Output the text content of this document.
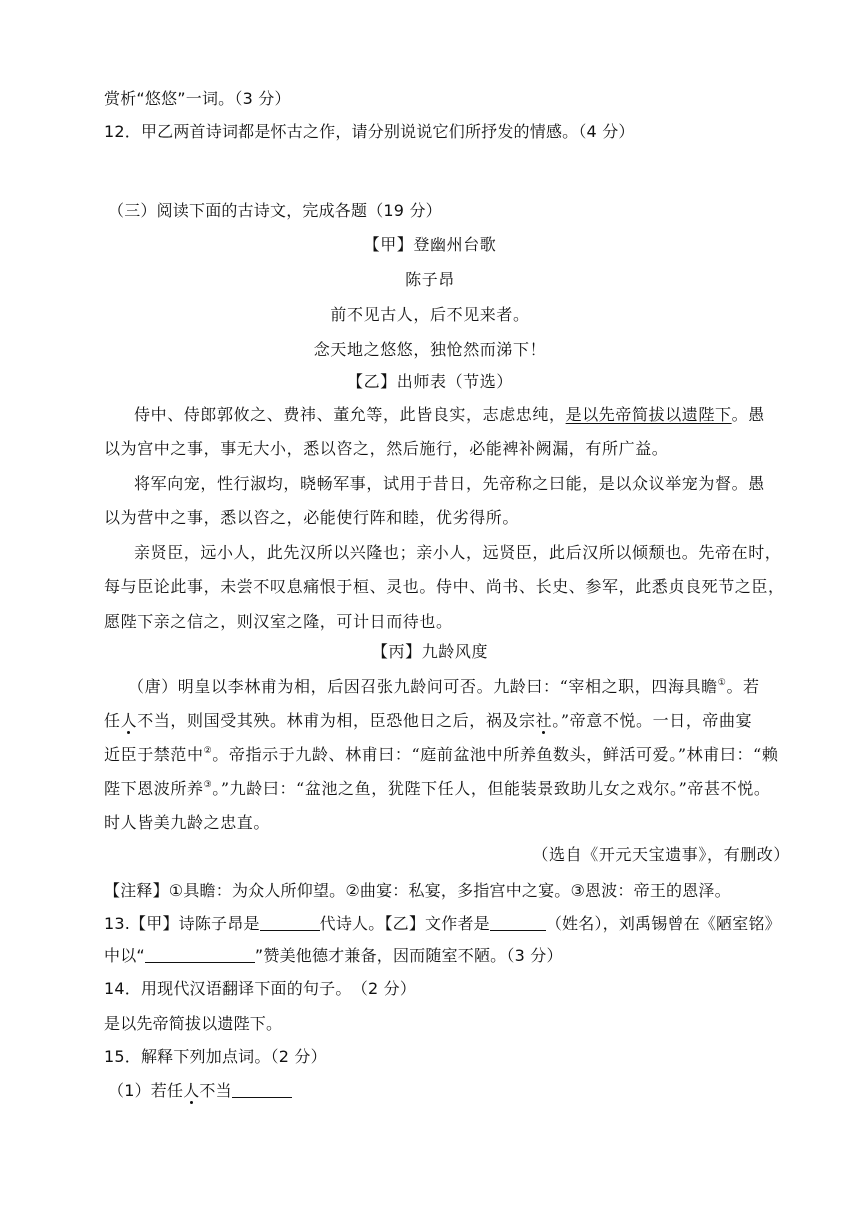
赏析“悠悠”一词。（3 分）
12．甲乙两首诗词都是怀古之作，请分别说说它们所抒发的情感。（4 分）
（三）阅读下面的古诗文，完成各题（19 分）
【甲】登幽州台歌
陈子昂
前不见古人，后不见来者。
念天地之悠悠，独怆然而涕下！
【乙】出师表（节选）
侍中、侍郎郭攸之、费祎、董允等，此皆良实，志虑忠纯，是以先帝简拔以遗陛下。愚
以为宫中之事，事无大小，悉以咨之，然后施行，必能裨补阙漏，有所广益。
将军向宠，性行淑均，晓畅军事，试用于昔日，先帝称之曰能，是以众议举宠为督。愚
以为营中之事，悉以咨之，必能使行阵和睦，优劣得所。
亲贤臣，远小人，此先汉所以兴隆也；亲小人，远贤臣，此后汉所以倾颓也。先帝在时，
每与臣论此事，未尝不叹息痛恨于桓、灵也。侍中、尚书、长史、参军，此悉贞良死节之臣，
愿陛下亲之信之，则汉室之隆，可计日而待也。
【丙】九龄风度
（唐）明皇以李林甫为相，后因召张九龄问可否。九龄曰：“宰相之职，四海具瞻①。若
任人不当，则国受其殃。林甫为相，臣恐他日之后，祸及宗社。”帝意不悦。一日，帝曲宴
近臣于禁范中②。帝指示于九龄、林甫曰：“庭前盆池中所养鱼数头，鲜活可爱。”林甫曰：“赖
陛下恩波所养③。”九龄曰：“盆池之鱼，犹陛下任人，但能装景致助儿女之戏尔。”帝甚不悦。
时人皆美九龄之忠直。
（选自《开元天宝遗事》，有删改）
【注释】①具瞻：为众人所仰望。②曲宴：私宴，多指宫中之宴。③恩波：帝王的恩泽。
13.【甲】诗陈子昂是	代诗人。【乙】文作者是	（姓名），刘禹锡曾在《陋室铭》
中以“	”赞美他德才兼备，因而随室不陋。（3 分）
14．用现代汉语翻译下面的句子。　（2 分）
是以先帝简拔以遗陛下。
15．解释下列加点词。（2 分）
（1）若任人不当
